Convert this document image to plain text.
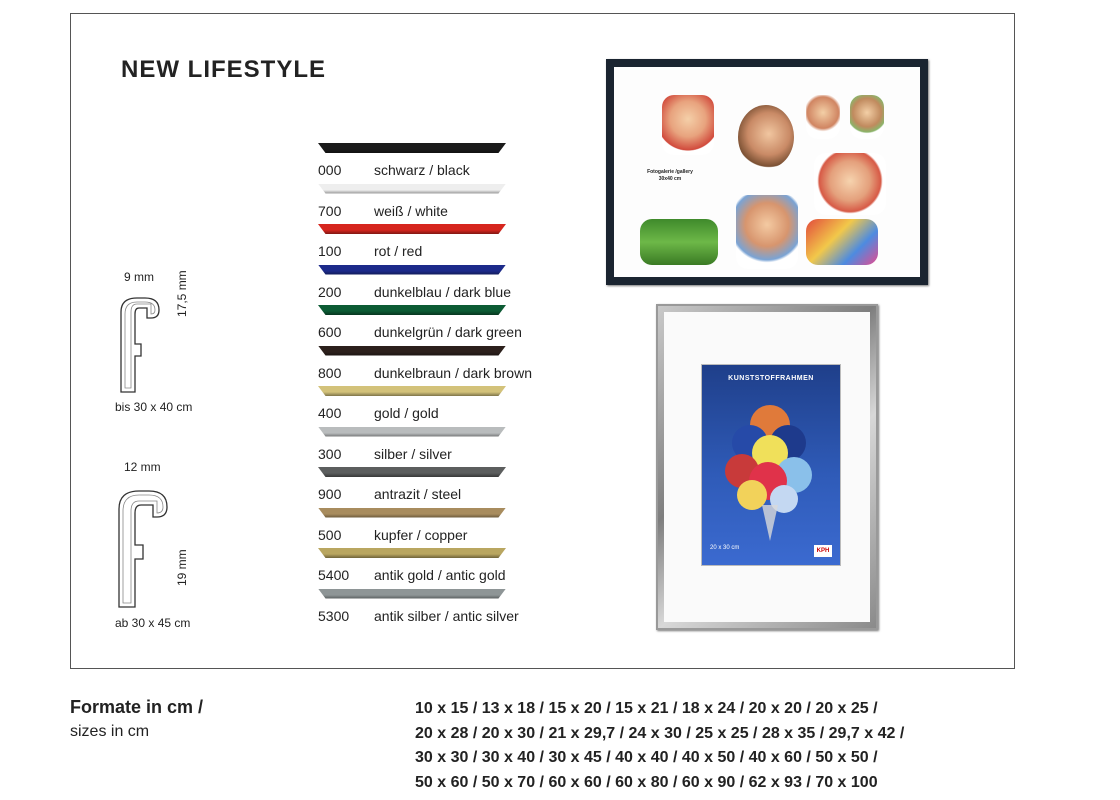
NEW LIFESTYLE
9 mm 17,5 mm
bis 30 x 40 cm
12 mm
19 mm
ab 30 x 45 cm
000 schwarz / black
700 weiß / white
100 rot / red
200 dunkelblau / dark blue
600 dunkelgrün / dark green
800 dunkelbraun / dark brown
400 gold / gold
300 silber / silver
900 antrazit / steel
500 kupfer / copper
5400 antik gold / antic gold
5300 antik silber / antic silver
Fotogalerie /gallery
30x40 cm
KUNSTSTOFFRAHMEN
20 x 30 cm	KPH
Formate in cm /
sizes in cm
10 x 15 / 13 x 18 / 15 x 20 / 15 x 21 / 18 x 24 / 20 x 20 / 20 x 25 /
20 x 28 / 20 x 30 / 21 x 29,7 / 24 x 30 / 25 x 25 / 28 x 35 / 29,7 x 42 /
30 x 30 / 30 x 40 / 30 x 45 / 40 x 40 / 40 x 50 / 40 x 60 / 50 x 50 /
50 x 60 / 50 x 70 / 60 x 60 / 60 x 80 / 60 x 90 / 62 x 93 / 70 x 100
